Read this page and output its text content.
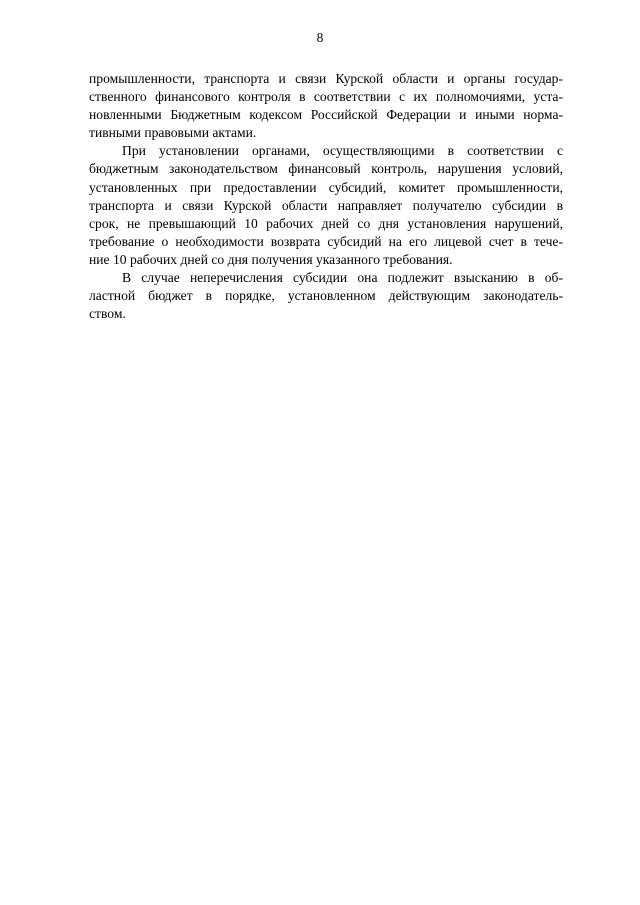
8

промышленности, транспорта и связи Курской области и органы государ-
ственного финансового контроля в соответствии с их полномочиями, уста-
новленными Бюджетным кодексом Российской Федерации и иными норма-
тивными правовыми актами.

При установлении органами, осуществляющими в соответствии с
бюджетным законодательством финансовый контроль, нарушения условий,
установленных при предоставлении субсидий, комитет промышленности,
транспорта и связи Курской области направляет получателю субсидии в
срок, не превышающий 10 рабочих дней со дня установления нарушений,
требование о необходимости возврата субсидий на его лицевой счет в тече-
ние 10 рабочих дней со дня получения указанного требования.

В случае неперечисления субсидии она подлежит взысканию в об-
ластной бюджет в порядке, установленном действующим законодатель-
ством.
